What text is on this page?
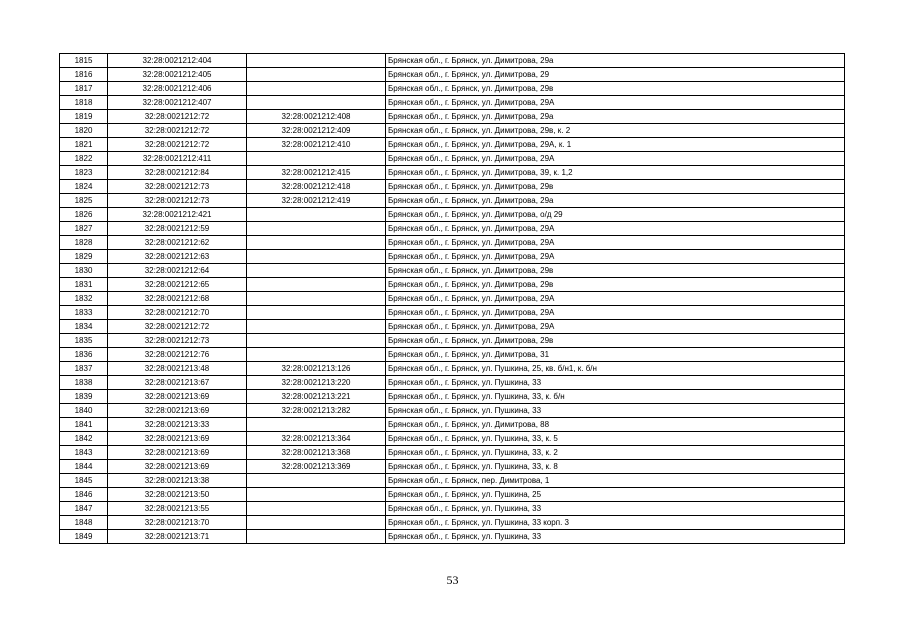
1815	32:28:0021212:404		Брянская обл., г. Брянск, ул. Димитрова, 29а
1816	32:28:0021212:405		Брянская обл., г. Брянск, ул. Димитрова, 29
1817	32:28:0021212:406		Брянская обл., г. Брянск, ул. Димитрова, 29в
1818	32:28:0021212:407		Брянская обл., г. Брянск, ул. Димитрова, 29А
1819	32:28:0021212:72	32:28:0021212:408	Брянская обл., г. Брянск, ул. Димитрова, 29а
1820	32:28:0021212:72	32:28:0021212:409	Брянская обл., г. Брянск, ул. Димитрова, 29в, к. 2
1821	32:28:0021212:72	32:28:0021212:410	Брянская обл., г. Брянск, ул. Димитрова, 29А, к. 1
1822	32:28:0021212:411		Брянская обл., г. Брянск, ул. Димитрова, 29А
1823	32:28:0021212:84	32:28:0021212:415	Брянская обл., г. Брянск, ул. Димитрова, 39, к. 1,2
1824	32:28:0021212:73	32:28:0021212:418	Брянская обл., г. Брянск, ул. Димитрова, 29в
1825	32:28:0021212:73	32:28:0021212:419	Брянская обл., г. Брянск, ул. Димитрова, 29а
1826	32:28:0021212:421		Брянская обл., г. Брянск, ул. Димитрова, о/д 29
1827	32:28:0021212:59		Брянская обл., г. Брянск, ул. Димитрова, 29А
1828	32:28:0021212:62		Брянская обл., г. Брянск, ул. Димитрова, 29А
1829	32:28:0021212:63		Брянская обл., г. Брянск, ул. Димитрова, 29А
1830	32:28:0021212:64		Брянская обл., г. Брянск, ул. Димитрова, 29в
1831	32:28:0021212:65		Брянская обл., г. Брянск, ул. Димитрова, 29в
1832	32:28:0021212:68		Брянская обл., г. Брянск, ул. Димитрова, 29А
1833	32:28:0021212:70		Брянская обл., г. Брянск, ул. Димитрова, 29А
1834	32:28:0021212:72		Брянская обл., г. Брянск, ул. Димитрова, 29А
1835	32:28:0021212:73		Брянская обл., г. Брянск, ул. Димитрова, 29в
1836	32:28:0021212:76		Брянская обл., г. Брянск, ул. Димитрова, 31
1837	32:28:0021213:48	32:28:0021213:126	Брянская обл., г. Брянск, ул. Пушкина, 25, кв. б/н1, к. б/н
1838	32:28:0021213:67	32:28:0021213:220	Брянская обл., г. Брянск, ул. Пушкина, 33
1839	32:28:0021213:69	32:28:0021213:221	Брянская обл., г. Брянск, ул. Пушкина, 33, к. б/н
1840	32:28:0021213:69	32:28:0021213:282	Брянская обл., г. Брянск, ул. Пушкина, 33
1841	32:28:0021213:33		Брянская обл., г. Брянск, ул. Димитрова, 88
1842	32:28:0021213:69	32:28:0021213:364	Брянская обл., г. Брянск, ул. Пушкина, 33, к. 5
1843	32:28:0021213:69	32:28:0021213:368	Брянская обл., г. Брянск, ул. Пушкина, 33, к. 2
1844	32:28:0021213:69	32:28:0021213:369	Брянская обл., г. Брянск, ул. Пушкина, 33, к. 8
1845	32:28:0021213:38		Брянская обл., г. Брянск, пер. Димитрова, 1
1846	32:28:0021213:50		Брянская обл., г. Брянск, ул. Пушкина, 25
1847	32:28:0021213:55		Брянская обл., г. Брянск, ул. Пушкина, 33
1848	32:28:0021213:70		Брянская обл., г. Брянск, ул. Пушкина, 33 корп. 3
1849	32:28:0021213:71		Брянская обл., г. Брянск, ул. Пушкина, 33
53
